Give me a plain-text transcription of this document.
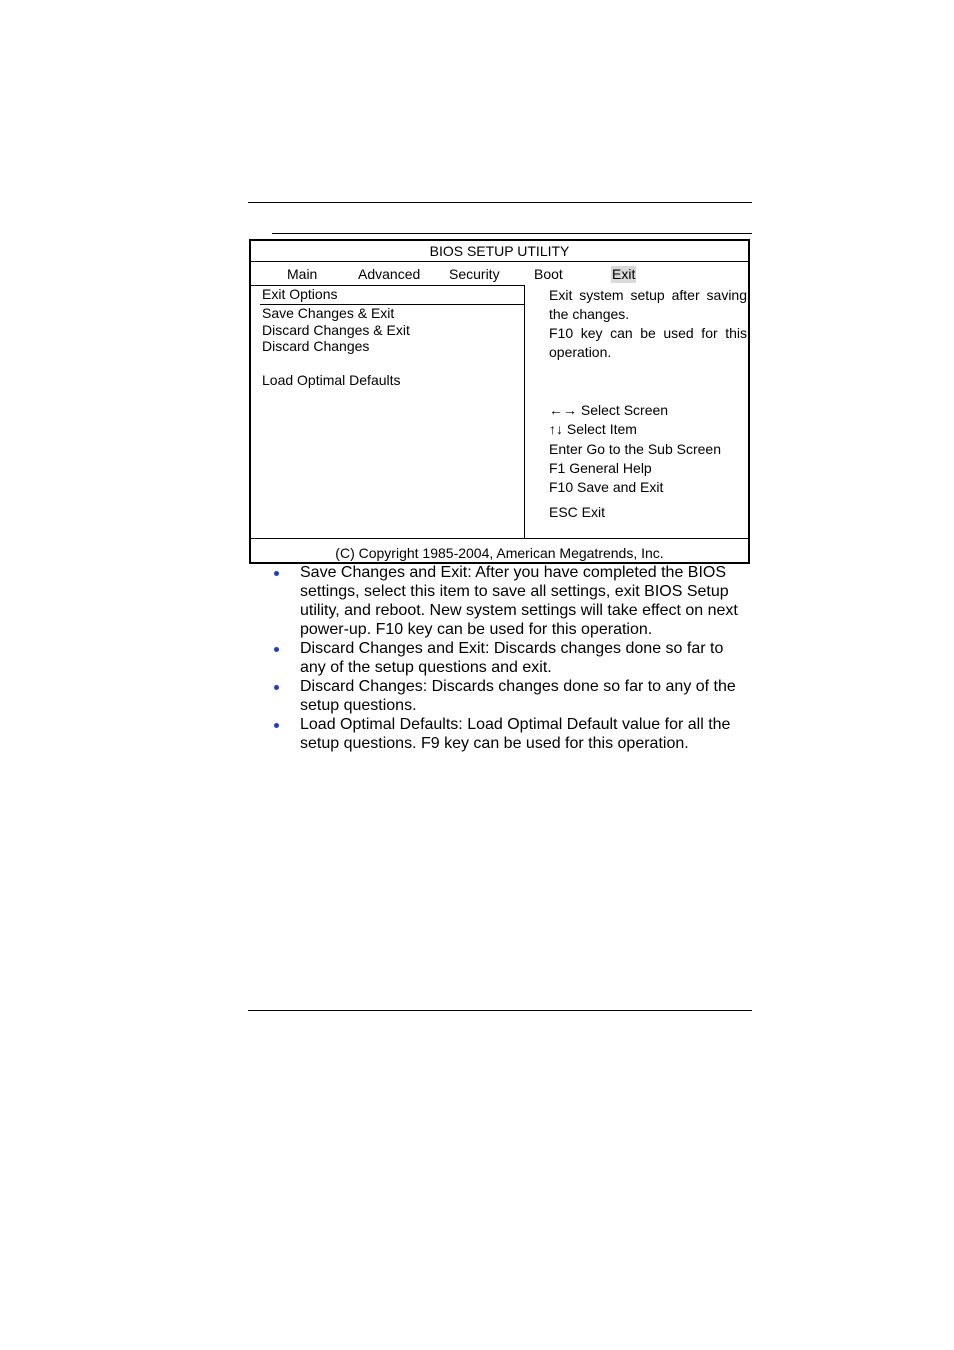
BIOS SETUP UTILITY
Main	Advanced Security Boot	Exit
Exit Options
Save Changes & Exit
Discard Changes & Exit
Discard Changes
Load Optimal Defaults
Exit system setup after saving
the changes.
F10 key can be used for this
operation.
←→ Select Screen
↑↓ Select Item
Enter Go to the Sub Screen
F1 General Help
F10 Save and Exit
ESC Exit
(C) Copyright 1985-2004, American Megatrends, Inc.

Save Changes and Exit: After you have completed the BIOS settings, select this item to save all settings, exit BIOS Setup utility, and reboot. New system settings will take effect on next power-up. F10 key can be used for this operation.

Discard Changes and Exit: Discards changes done so far to any of the setup questions and exit.

Discard Changes: Discards changes done so far to any of the setup questions.

Load Optimal Defaults: Load Optimal Default value for all the setup questions. F9 key can be used for this operation.
